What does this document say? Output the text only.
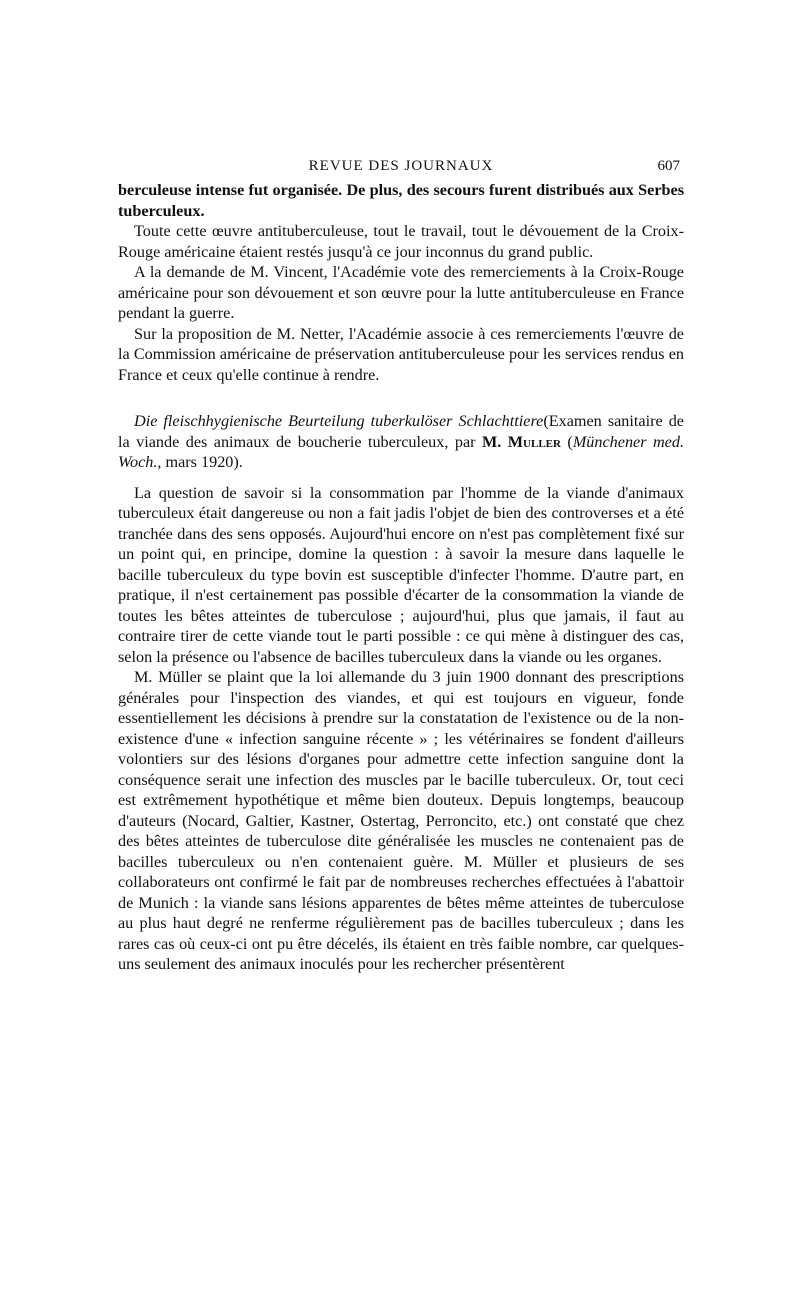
REVUE DES JOURNAUX	607

berculeuse intense fut organisée. De plus, des secours furent distribués aux Serbes tuberculeux.

Toute cette œuvre antituberculeuse, tout le travail, tout le dévouement de la Croix-Rouge américaine étaient restés jusqu'à ce jour inconnus du grand public.

A la demande de M. Vincent, l'Académie vote des remerciements à la Croix-Rouge américaine pour son dévouement et son œuvre pour la lutte antituberculeuse en France pendant la guerre.

Sur la proposition de M. Netter, l'Académie associe à ces remerciements l'œuvre de la Commission américaine de préservation antituberculeuse pour les services rendus en France et ceux qu'elle continue à rendre.

Die fleischhygienische Beurteilung tuberkulöser Schlachttiere(Examen sanitaire de la viande des animaux de boucherie tuberculeux, par M. Muller (Münchener med. Woch., mars 1920).

La question de savoir si la consommation par l'homme de la viande d'animaux tuberculeux était dangereuse ou non a fait jadis l'objet de bien des controverses et a été tranchée dans des sens opposés. Aujourd'hui encore on n'est pas complètement fixé sur un point qui, en principe, domine la question : à savoir la mesure dans laquelle le bacille tuberculeux du type bovin est susceptible d'infecter l'homme. D'autre part, en pratique, il n'est certainement pas possible d'écarter de la consommation la viande de toutes les bêtes atteintes de tuberculose ; aujourd'hui, plus que jamais, il faut au contraire tirer de cette viande tout le parti possible : ce qui mène à distinguer des cas, selon la présence ou l'absence de bacilles tuberculeux dans la viande ou les organes.

M. Müller se plaint que la loi allemande du 3 juin 1900 donnant des prescriptions générales pour l'inspection des viandes, et qui est toujours en vigueur, fonde essentiellement les décisions à prendre sur la constatation de l'existence ou de la non-existence d'une « infection sanguine récente » ; les vétérinaires se fondent d'ailleurs volontiers sur des lésions d'organes pour admettre cette infection sanguine dont la conséquence serait une infection des muscles par le bacille tuberculeux. Or, tout ceci est extrêmement hypothétique et même bien douteux. Depuis longtemps, beaucoup d'auteurs (Nocard, Galtier, Kastner, Ostertag, Perroncito, etc.) ont constaté que chez des bêtes atteintes de tuberculose dite généralisée les muscles ne contenaient pas de bacilles tuberculeux ou n'en contenaient guère. M. Müller et plusieurs de ses collaborateurs ont confirmé le fait par de nombreuses recherches effectuées à l'abattoir de Munich : la viande sans lésions apparentes de bêtes même atteintes de tuberculose au plus haut degré ne renferme régulièrement pas de bacilles tuberculeux ; dans les rares cas où ceux-ci ont pu être décelés, ils étaient en très faible nombre, car quelques-uns seulement des animaux inoculés pour les rechercher présentèrent
